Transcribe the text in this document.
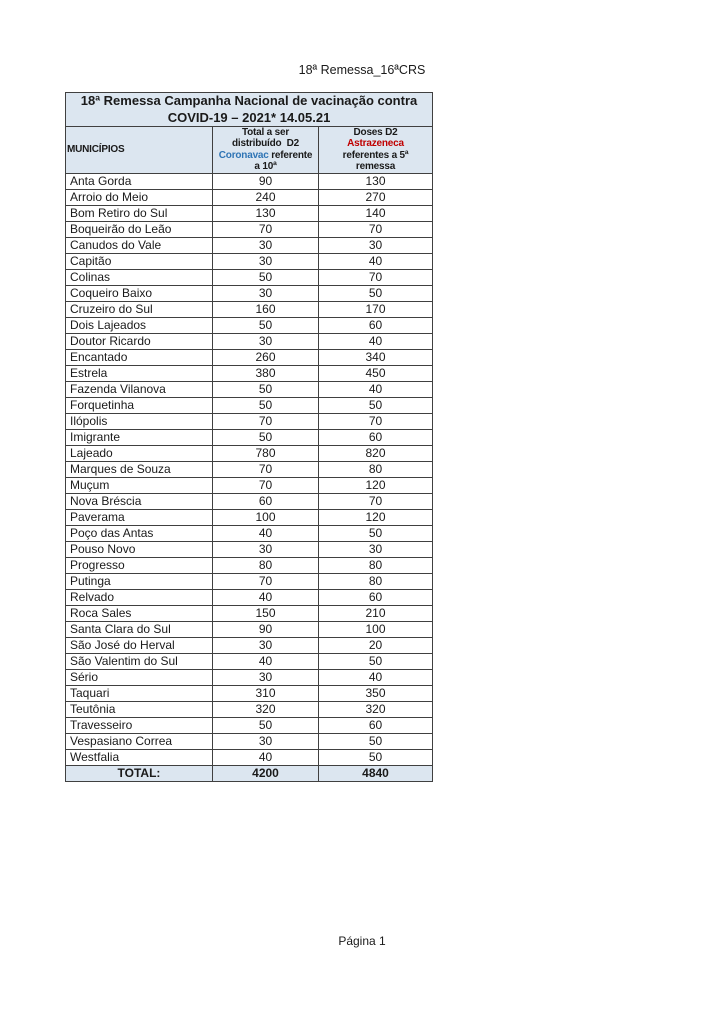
18ª Remessa_16ªCRS
18ª Remessa Campanha Nacional de vacinação contra
COVID-19 – 2021* 14.05.21		

MUNICÍPIOS	
Total a ser
distribuído  D2
Coronavac referente
a 10ª

Doses D2
Astrazeneca
referentes a 5ª
remessa

Anta Gorda	90	130
Arroio do Meio	240	270
Bom Retiro do Sul	130	140
Boqueirão do Leão	70	70
Canudos do Vale	30	30
Capitão	30	40
Colinas	50	70
Coqueiro Baixo	30	50
Cruzeiro do Sul	160	170
Dois Lajeados	50	60
Doutor Ricardo	30	40
Encantado	260	340
Estrela	380	450
Fazenda Vilanova	50	40
Forquetinha	50	50
Ilópolis	70	70
Imigrante	50	60
Lajeado	780	820
Marques de Souza	70	80
Muçum	70	120
Nova Bréscia	60	70
Paverama	100	120
Poço das Antas	40	50
Pouso Novo	30	30
Progresso	80	80
Putinga	70	80
Relvado	40	60
Roca Sales	150	210
Santa Clara do Sul	90	100
São José do Herval	30	20
São Valentim do Sul	40	50
Sério	30	40
Taquari	310	350
Teutônia	320	320
Travesseiro	50	60
Vespasiano Correa	30	50
Westfalia	40	50
TOTAL:	4200	4840
Página 1
